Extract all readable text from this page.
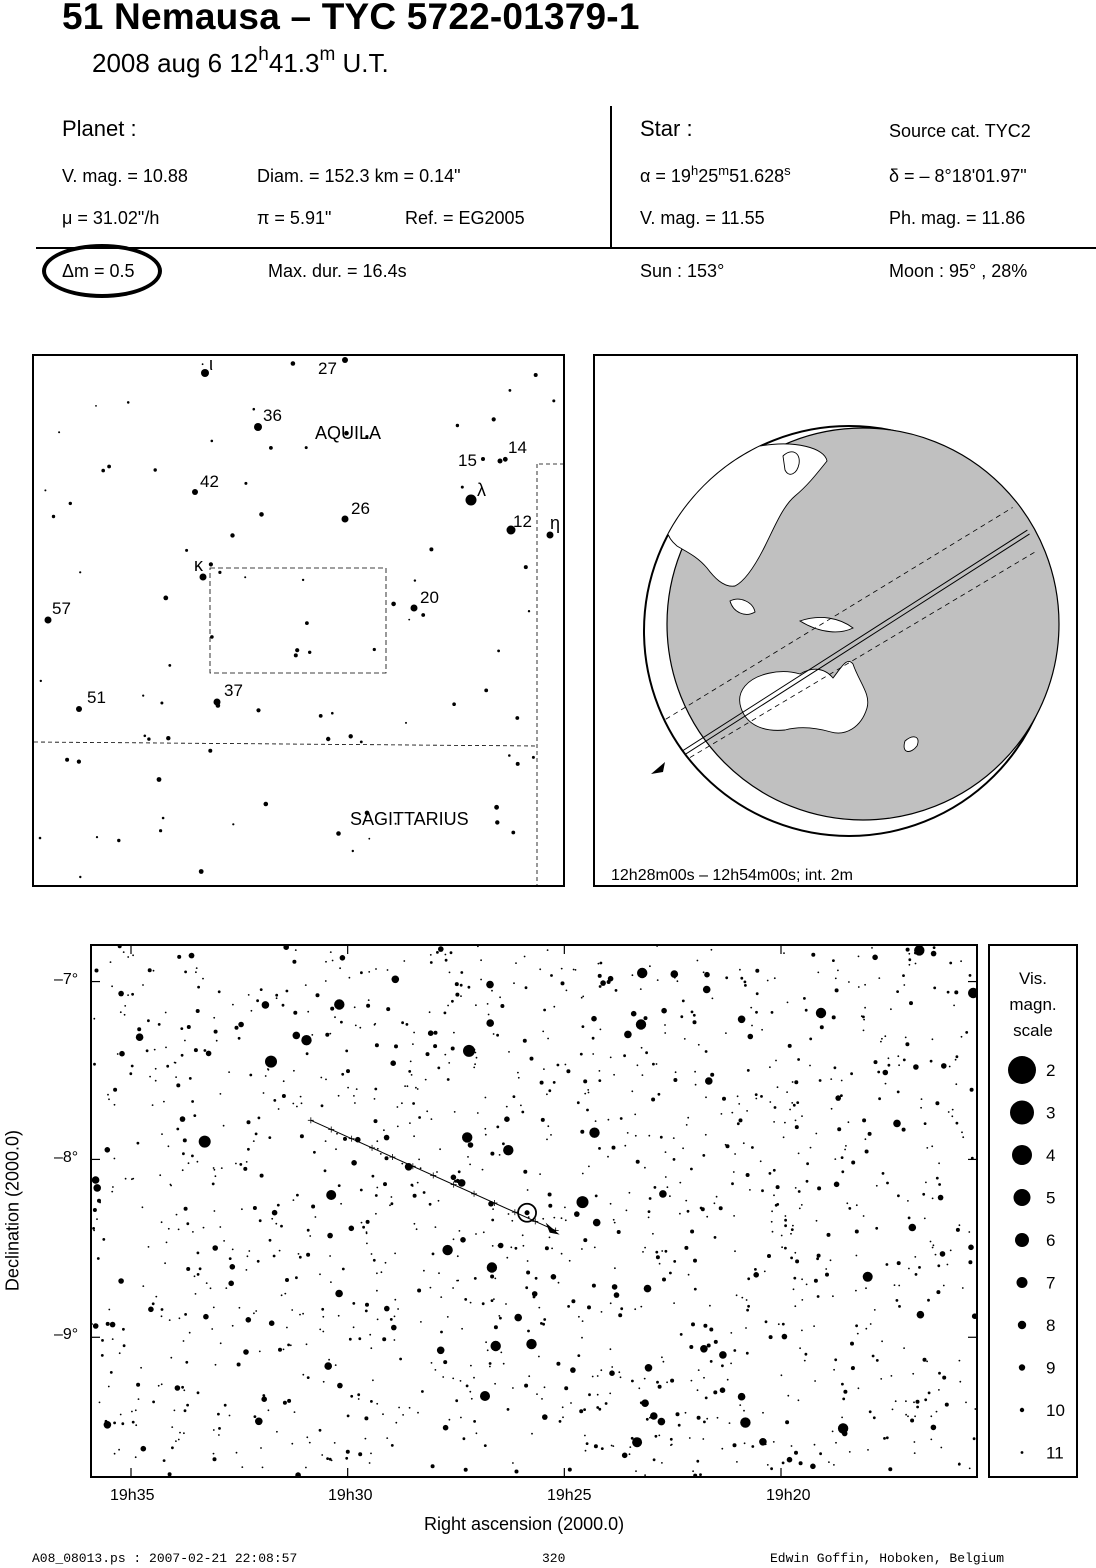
51 Nemausa – TYC 5722-01379-1
2008 aug 6 12$^h$41.3$^m$ U.T.
Planet :
V. mag. = 10.88	Diam. = 152.3 km = 0.14"
μ = 31.02"/h	π = 5.91"	Ref. = EG2005
Star :	Source cat. TYC2
$\alpha = 19^h25^m51.628^s$	δ = – 8°18'01.97"
V. mag. = 11.55	Ph. mag. = 11.86
Δm = 0.5	Max. dur. = 16.4s	Sun : 153°	Moon : 95° , 28%
AQUILA
SAGITTARIUS
ι	27
36
15
14
42	λ
26
12 η
κ
20
57
51	37
12h28m00s – 12h54m00s; int. 2m
19h35	19h30	19h25	19h20
–7°
–8°
–9°
Right ascension (2000.0)
Declination (2000.0)
Vis.
magn.
scale
2
3
4
5
6
7
8
9
10
11
A08_08013.ps : 2007-02-21 22:08:57	320	Edwin Goffin, Hoboken, Belgium
